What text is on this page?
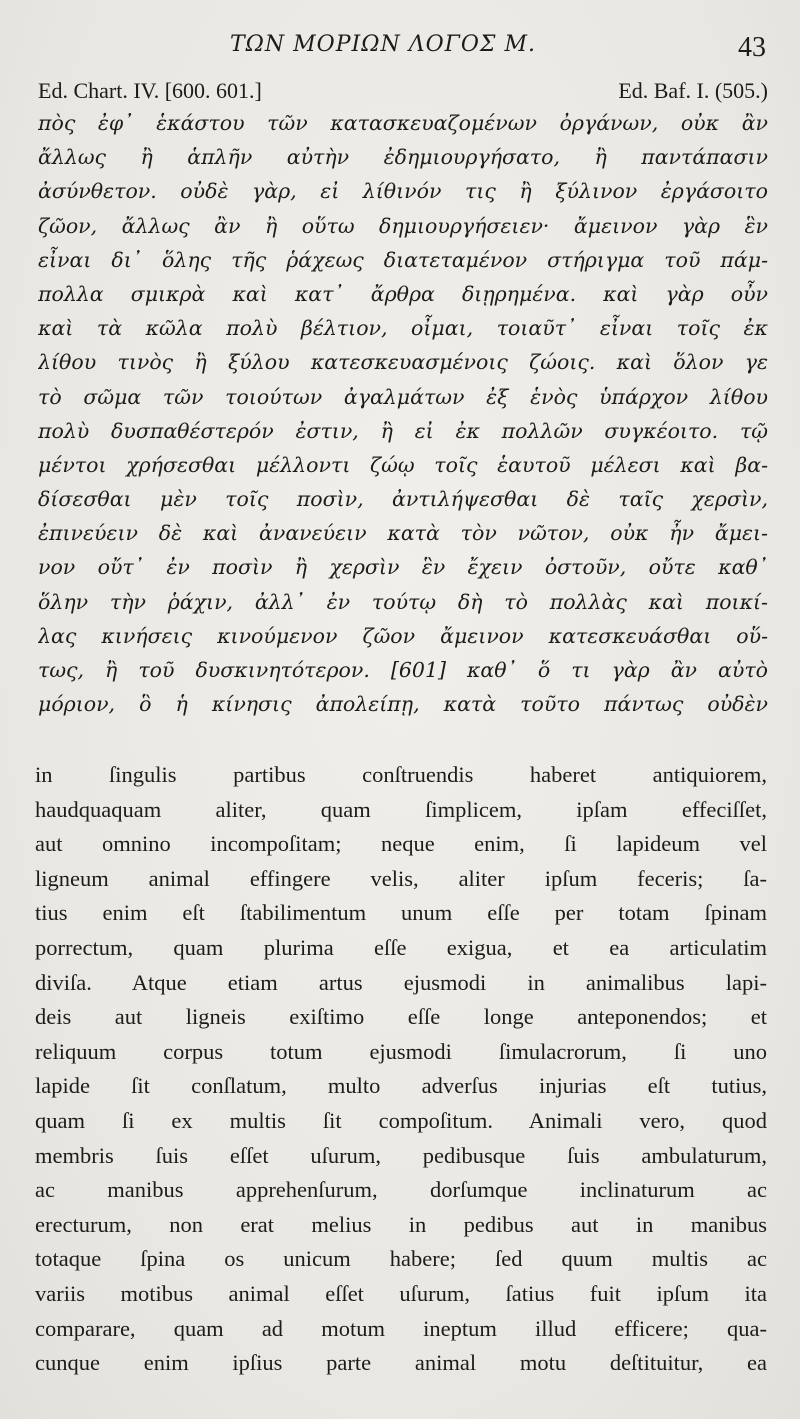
ΤΩΝ ΜΟΡΙΩΝ ΛΟΓΟΣ Μ.	43
Ed. Chart. IV. [600. 601.]	Ed. Baf. I. (505.)
πὸς ἐφ᾽ ἑκάστου τῶν κατασκευαζομένων ὀργάνων, οὐκ ἂν
ἄλλως ἢ ἁπλῆν αὐτὴν ἐδημιουργήσατο, ἢ παντάπασιν
ἀσύνθετον. οὐδὲ γὰρ, εἰ λίθινόν τις ἢ ξύλινον ἐργάσοιτο
ζῶον, ἄλλως ἂν ἢ οὕτω δημιουργήσειεν· ἄμεινον γὰρ ἓν
εἶναι δι᾽ ὅλης τῆς ῥάχεως διατεταμένον στήριγμα τοῦ πάμ-
πολλα σμικρὰ καὶ κατ᾽ ἄρθρα διῃρημένα. καὶ γὰρ οὖν
καὶ τὰ κῶλα πολὺ βέλτιον, οἶμαι, τοιαῦτ᾽ εἶναι τοῖς ἐκ
λίθου τινὸς ἢ ξύλου κατεσκευασμένοις ζώοις. καὶ ὅλον γε
τὸ σῶμα τῶν τοιούτων ἀγαλμάτων ἐξ ἑνὸς ὑπάρχον λίθου
πολὺ δυσπαθέστερόν ἐστιν, ἢ εἰ ἐκ πολλῶν συγκέοιτο. τῷ
μέντοι χρήσεσθαι μέλλοντι ζώῳ τοῖς ἑαυτοῦ μέλεσι καὶ βα-
δίσεσθαι μὲν τοῖς ποσὶν, ἀντιλήψεσθαι δὲ ταῖς χερσὶν,
ἐπινεύειν δὲ καὶ ἀνανεύειν κατὰ τὸν νῶτον, οὐκ ἦν ἄμει-
νον οὔτ᾽ ἐν ποσὶν ἢ χερσὶν ἓν ἔχειν ὀστοῦν, οὔτε καθ᾽
ὅλην τὴν ῥάχιν, ἀλλ᾽ ἐν τούτῳ δὴ τὸ πολλὰς καὶ ποικί-
λας κινήσεις κινούμενον ζῶον ἄμεινον κατεσκευάσθαι οὕ-
τως, ἢ τοῦ δυσκινητότερον. [601] καθ᾽ ὅ τι γὰρ ἂν αὐτὸ
μόριον, ὃ ἡ κίνησις ἀπολείπῃ, κατὰ τοῦτο πάντως οὐδὲν
in ſingulis partibus conſtruendis haberet antiquiorem,
haudquaquam aliter, quam ſimplicem, ipſam effeciſſet,
aut omnino incompoſitam; neque enim, ſi lapideum vel
ligneum animal effingere velis, aliter ipſum feceris; ſa-
tius enim eſt ſtabilimentum unum eſſe per totam ſpinam
porrectum, quam plurima eſſe exigua, et ea articulatim
diviſa. Atque etiam artus ejusmodi in animalibus lapi-
deis aut ligneis exiſtimo eſſe longe anteponendos; et
reliquum corpus totum ejusmodi ſimulacrorum, ſi uno
lapide ſit conſlatum, multo adverſus injurias eſt tutius,
quam ſi ex multis ſit compoſitum. Animali vero, quod
membris ſuis eſſet uſurum, pedibusque ſuis ambulaturum,
ac manibus apprehenſurum, dorſumque inclinaturum ac
erecturum, non erat melius in pedibus aut in manibus
totaque ſpina os unicum habere; ſed quum multis ac
variis motibus animal eſſet uſurum, ſatius fuit ipſum ita
comparare, quam ad motum ineptum illud efficere; qua-
cunque enim ipſius parte animal motu deſtituitur, ea
